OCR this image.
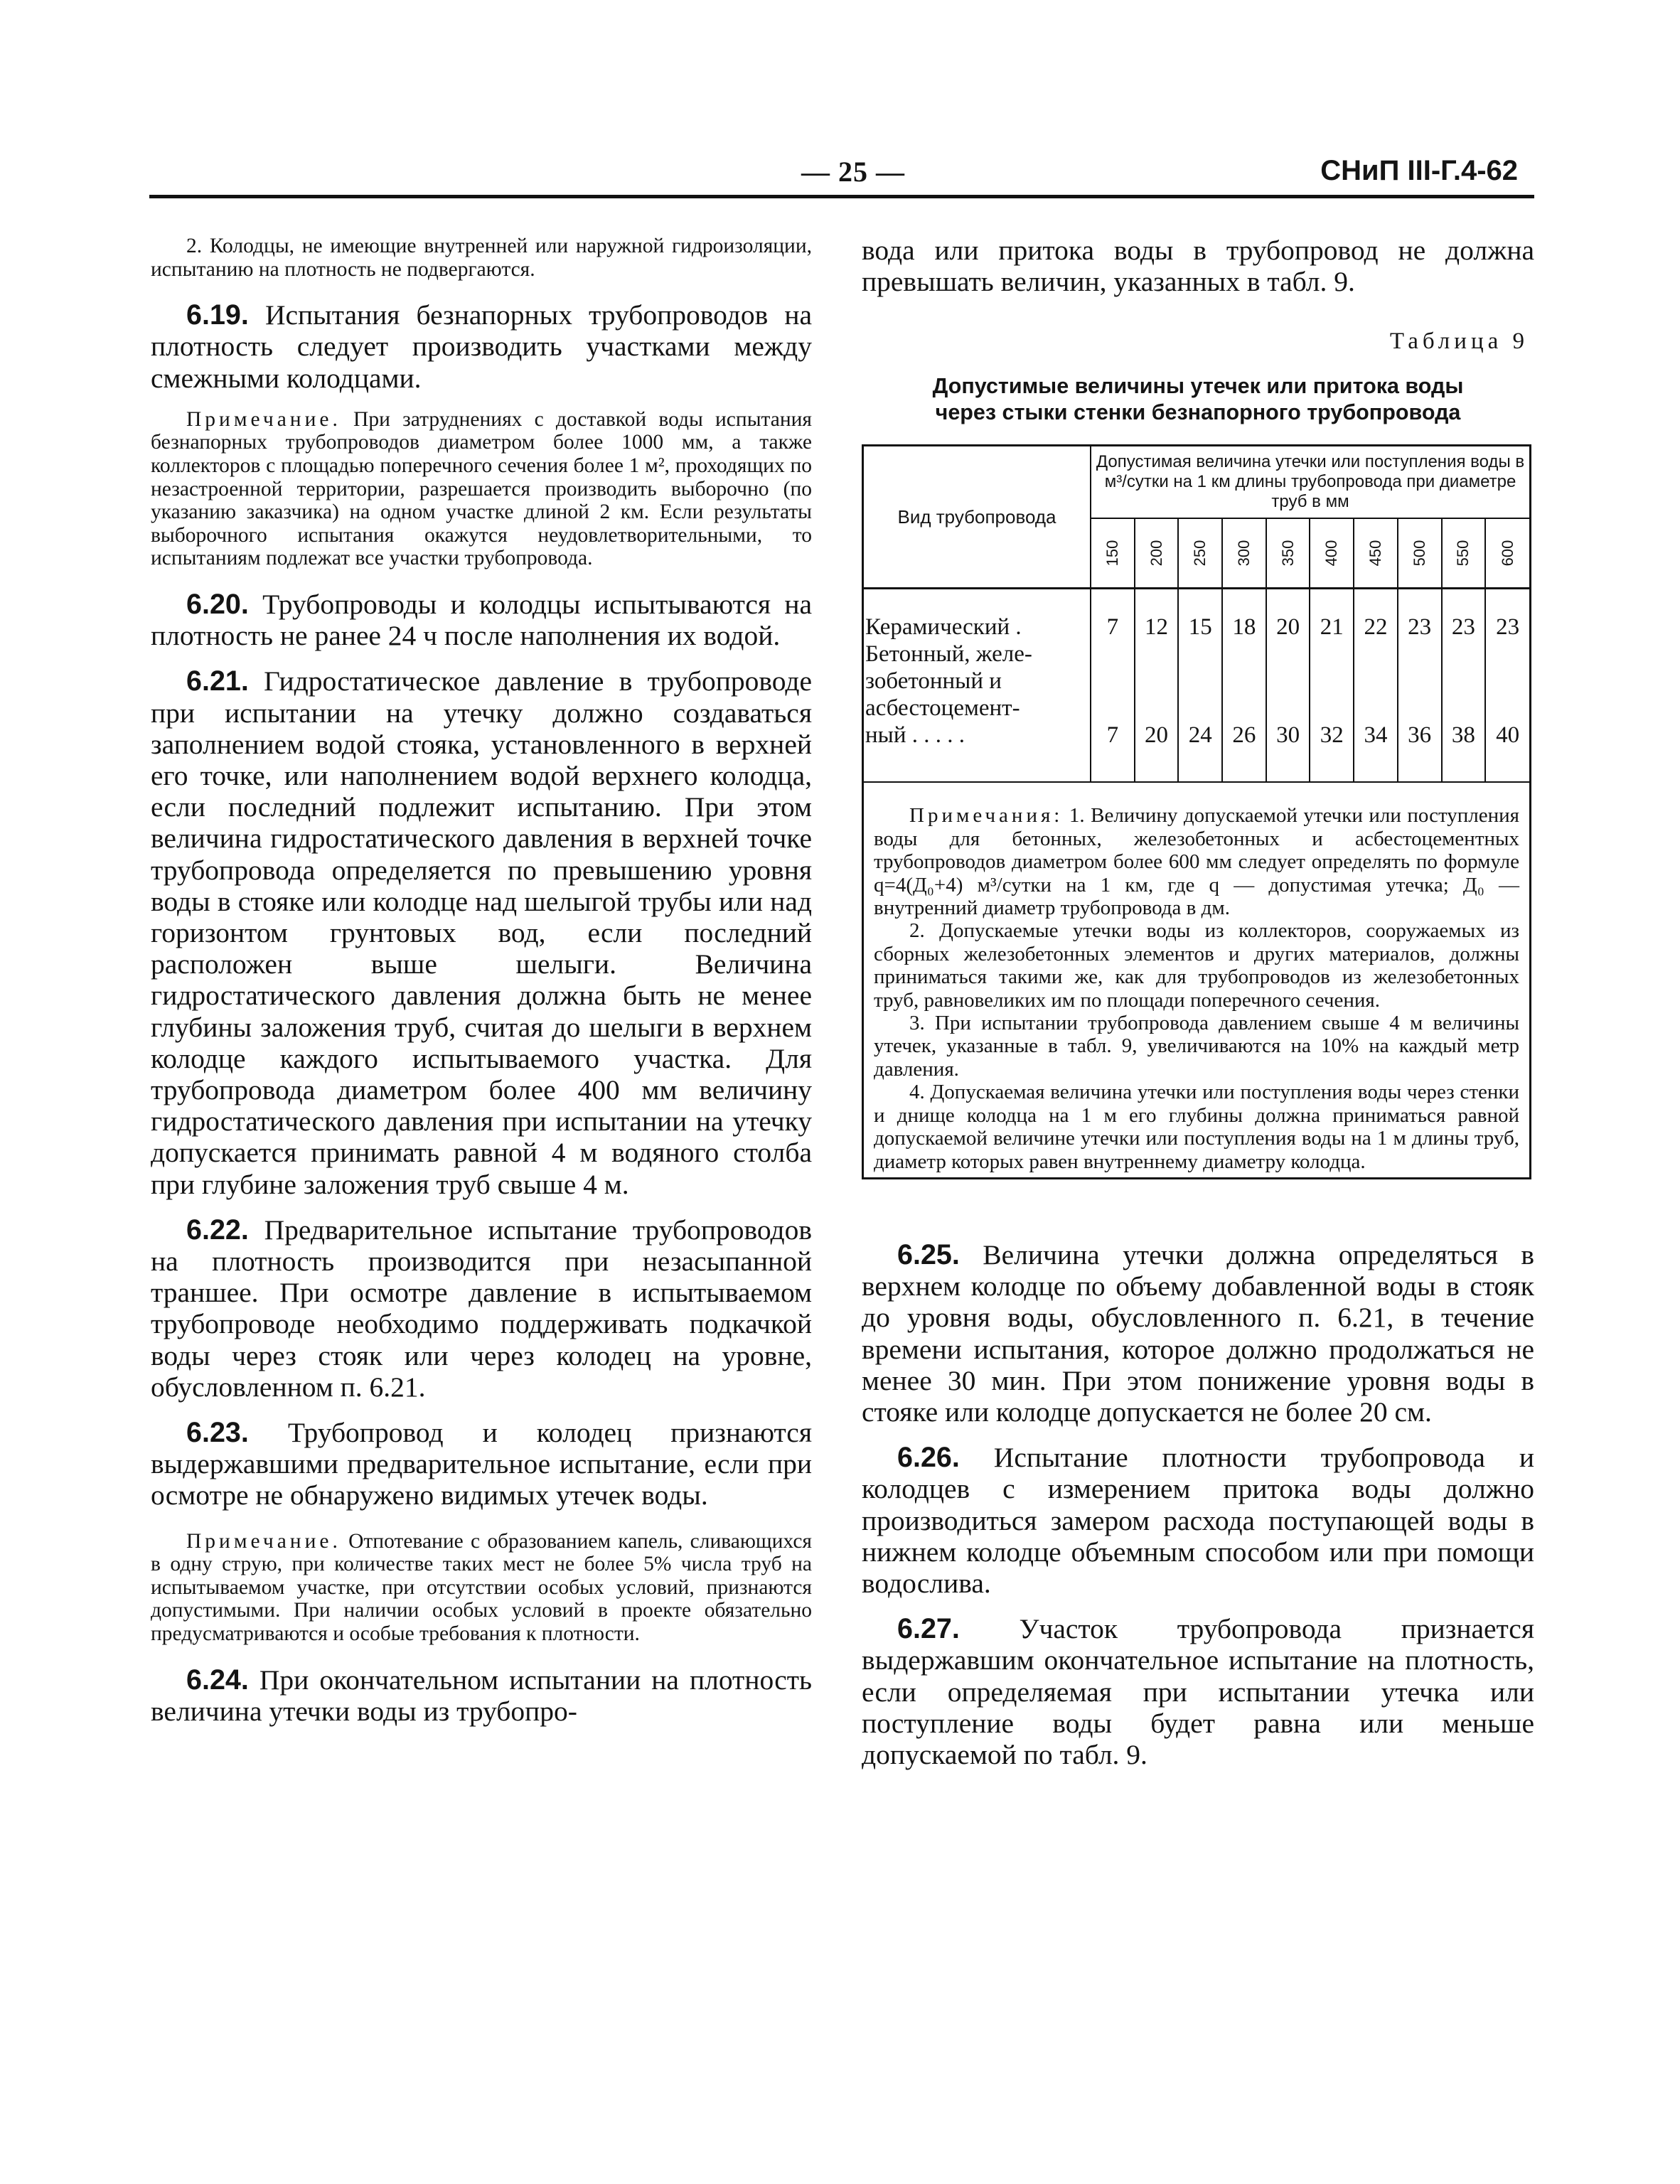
— 25 —	СНиП III-Г.4-62

2. Колодцы, не имеющие внутренней или наружной гидроизоляции, испытанию на плотность не подвергаются.

6.19. Испытания безнапорных трубопроводов на плотность следует производить участками между смежными колодцами.

Примечание. При затруднениях с доставкой воды испытания безнапорных трубопроводов диаметром более 1000 мм, а также коллекторов с площадью поперечного сечения более 1 м², проходящих по незастроенной территории, разрешается производить выборочно (по указанию заказчика) на одном участке длиной 2 км. Если результаты выборочного испытания окажутся неудовлетворительными, то испытаниям подлежат все участки трубопровода.

6.20. Трубопроводы и колодцы испытываются на плотность не ранее 24 ч после наполнения их водой.

6.21. Гидростатическое давление в трубопроводе при испытании на утечку должно создаваться заполнением водой стояка, установленного в верхней его точке, или наполнением водой верхнего колодца, если последний подлежит испытанию. При этом величина гидростатического давления в верхней точке трубопровода определяется по превышению уровня воды в стояке или колодце над шелыгой трубы или над горизонтом грунтовых вод, если последний расположен выше шелыги. Величина гидростатического давления должна быть не менее глубины заложения труб, считая до шелыги в верхнем колодце каждого испытываемого участка. Для трубопровода диаметром более 400 мм величину гидростатического давления при испытании на утечку допускается принимать равной 4 м водяного столба при глубине заложения труб свыше 4 м.

6.22. Предварительное испытание трубопроводов на плотность производится при незасыпанной траншее. При осмотре давление в испытываемом трубопроводе необходимо поддерживать подкачкой воды через стояк или через колодец на уровне, обусловленном п. 6.21.

6.23. Трубопровод и колодец признаются выдержавшими предварительное испытание, если при осмотре не обнаружено видимых утечек воды.

Примечание. Отпотевание с образованием капель, сливающихся в одну струю, при количестве таких мест не более 5% числа труб на испытываемом участке, при отсутствии особых условий, признаются допустимыми. При наличии особых условий в проекте обязательно предусматриваются и особые требования к плотности.

6.24. При окончательном испытании на плотность величина утечки воды из трубопро-

вода или притока воды в трубопровод не должна превышать величин, указанных в табл. 9.

Таблица 9
Допустимые величины утечек или притока воды
через стыки стенки безнапорного трубопровода
Вид трубопровода	Допустимая величина утечки или поступления воды в м³/сутки на 1 км длины трубопровода при диаметре труб в мм									

	150	200	250	300	350	400	450	500	550	600

Керамический .	7	12	15	18	20	21	22	23	23	23

Бетонный, желе-
зобетонный и
асбестоцемент-
ный . . . . .	7	20	24	26	30	32	34	36	38	40

Примечания: 1. Величину допускаемой утечки или поступления воды для бетонных, железобетонных и асбестоцементных трубопроводов диаметром более 600 мм следует определять по формуле q=4(Д₀+4) м³/сутки на 1 км, где q — допустимая утечка; Д₀ — внутренний диаметр трубопровода в дм.

2. Допускаемые утечки воды из коллекторов, сооружаемых из сборных железобетонных элементов и других материалов, должны приниматься такими же, как для трубопроводов из железобетонных труб, равновеликих им по площади поперечного сечения.

3. При испытании трубопровода давлением свыше 4 м величины утечек, указанные в табл. 9, увеличиваются на 10% на каждый метр давления.

4. Допускаемая величина утечки или поступления воды через стенки и днище колодца на 1 м его глубины должна приниматься равной допускаемой величине утечки или поступления воды на 1 м длины труб, диаметр которых равен внутреннему диаметру колодца.

6.25. Величина утечки должна определяться в верхнем колодце по объему добавленной воды в стояк до уровня воды, обусловленного п. 6.21, в течение времени испытания, которое должно продолжаться не менее 30 мин. При этом понижение уровня воды в стояке или колодце допускается не более 20 см.

6.26. Испытание плотности трубопровода и колодцев с измерением притока воды должно производиться замером расхода поступающей воды в нижнем колодце объемным способом или при помощи водослива.

6.27. Участок трубопровода признается выдержавшим окончательное испытание на плотность, если определяемая при испытании утечка или поступление воды будет равна или меньше допускаемой по табл. 9.
